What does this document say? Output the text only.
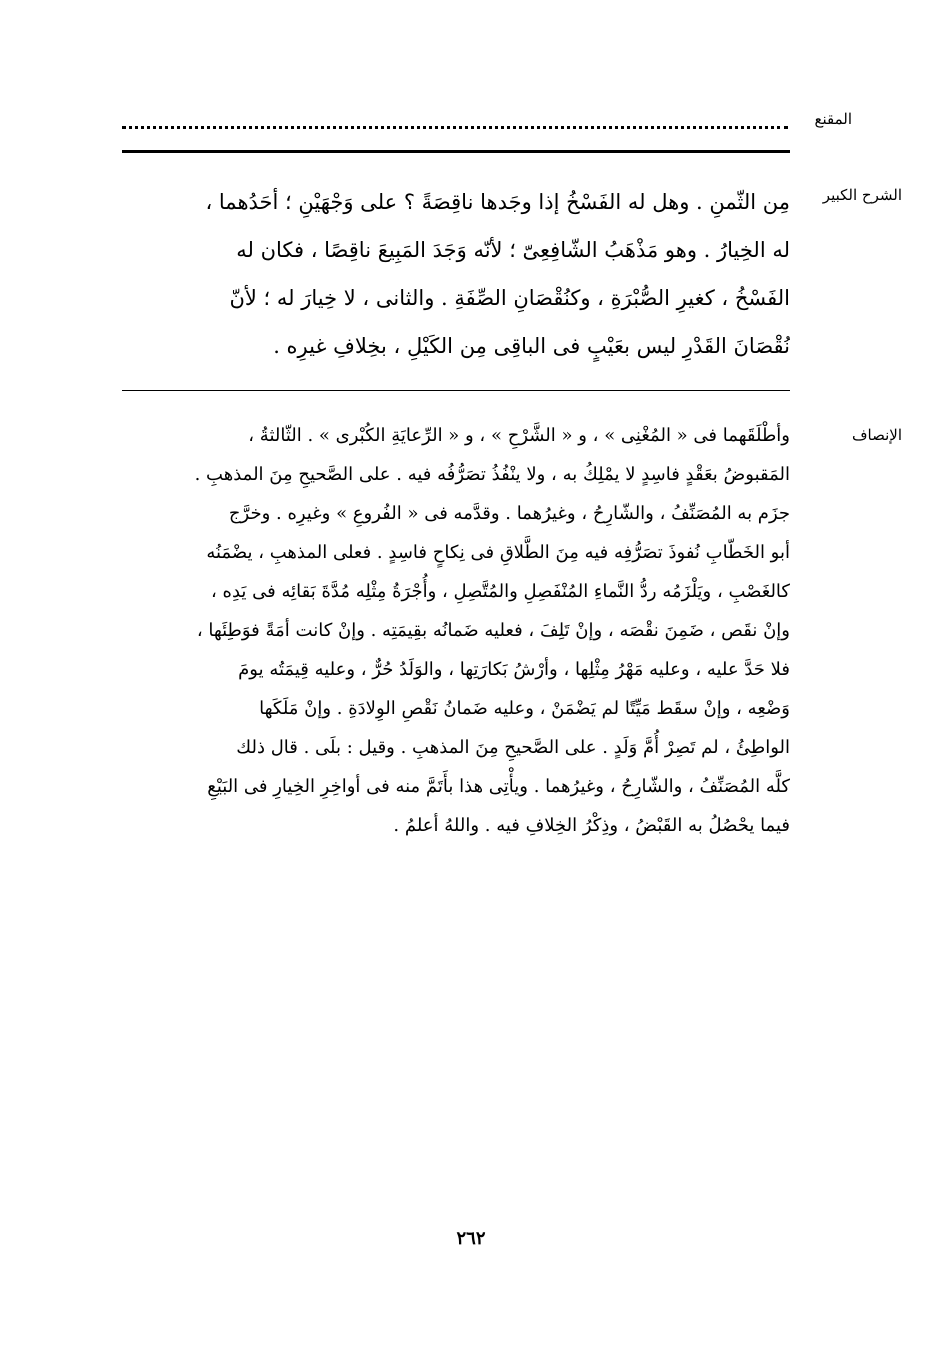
المقنع
الشرح الكبير
مِن الثّمنِ . وهل له الفَسْخُ إذا وجَدها ناقِصَةً ؟ على وَجْهَيْنِ ؛ أحَدُهما ،
له الخِيارُ . وهو مَذْهَبُ الشّافِعِىّ ؛ لأنّه وَجَدَ المَبِيعَ ناقِصًا ، فكان له
الفَسْخُ ، كغيرِ الصُّبْرَةِ ، وكنُقْصَانِ الصِّفَةِ . والثانى ، لا خِيارَ له ؛ لأنّ
نُقْصَانَ القَدْرِ ليس بعَيْبٍ فى الباقِى مِن الكَيْلِ ، بخِلافِ غيرِه .
الإنصاف
وأطْلَقَهما فى « المُغْنِى » ، و « الشَّرْحِ » ، و « الرِّعايَةِ الكُبْرى » . الثّالثةُ ،
المَقبوضُ بعَقْدٍ فاسِدٍ لا يمْلِكُ به ، ولا ينْفُذُ تصَرُّفُه فيه . على الصَّحيحِ مِنَ المذهبِ .
جزَم به المُصَنِّفُ ، والشّارِحُ ، وغيرُهما . وقدَّمه فى « الفُروعِ » وغيرِه . وخرَّج
أبو الخَطّابِ نُفوذَ تصَرُّفِه فيه مِنَ الطَّلاقِ فى نِكاحٍ فاسِدٍ . فعلى المذهبِ ، يضْمَنُه
كالغَصْبِ ، ويَلْزَمُه ردُّ النَّماءِ المُنْفَصِلِ والمُتَّصِلِ ، وأُجْرَةُ مِثْلِه مُدَّةَ بَقائِه فى يَدِه ،
وإنْ نقَص ، ضَمِنَ نقْصَه ، وإنْ تَلِفَ ، فعليه ضَمانُه بقِيمَتِه . وإنْ كانت أمَةً فوَطِئَها ،
فلا حَدَّ عليه ، وعليه مَهْرُ مِثْلِها ، وأرْشُ بَكارَتِها ، والوَلَدُ حُرٌّ ، وعليه قِيمَتُه يومَ
وَضْعِه ، وإنْ سقَط مَيِّتًا لم يَضْمَنْ ، وعليه ضَمانُ نَقْصِ الوِلادَةِ . وإنْ مَلَكَها
الواطِئُ ، لم تَصِرْ أُمَّ وَلَدٍ . على الصَّحيحِ مِنَ المذهبِ . وقيل : بلَى . قال ذلك
كلَّه المُصَنِّفُ ، والشّارِحُ ، وغيرُهما . ويأْتِى هذا بأَتَمَّ منه فى أواخِرِ الخِيارِ فى البَيْعِ
فيما يحْصُلُ به القَبْضُ ، وذِكْرُ الخِلافِ فيه . واللهُ أعلمُ .
٢٦٢
